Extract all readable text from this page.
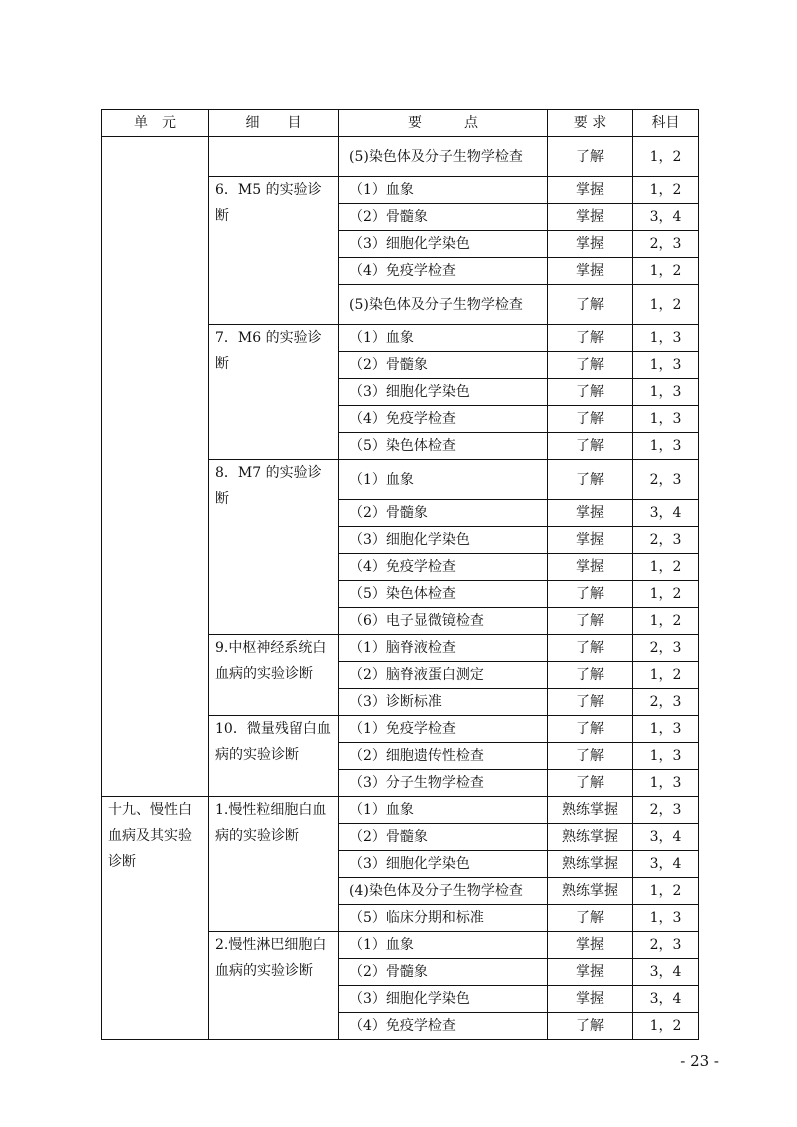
单　元	细　　目	要　　　点	要 求	科目
		(5)染色体及分子生物学检查	了解	1，2
	6．M5 的实验诊断	（1）血象	掌握	1，2
		（2）骨髓象	掌握	3，4
		（3）细胞化学染色	掌握	2，3
		（4）免疫学检查	掌握	1，2
		(5)染色体及分子生物学检查	了解	1，2
	7．M6 的实验诊断	（1）血象	了解	1，3
		（2）骨髓象	了解	1，3
		（3）细胞化学染色	了解	1，3
		（4）免疫学检查	了解	1，3
		（5）染色体检查	了解	1，3
	8．M7 的实验诊断	（1）血象	了解	2，3
		（2）骨髓象	掌握	3，4
		（3）细胞化学染色	掌握	2，3
		（4）免疫学检查	掌握	1，2
		（5）染色体检查	了解	1，2
		（6）电子显微镜检查	了解	1，2
	9.中枢神经系统白血病的实验诊断	（1）脑脊液检查	了解	2，3
		（2）脑脊液蛋白测定	了解	1，2
		（3）诊断标准	了解	2，3
	10．微量残留白血病的实验诊断	（1）免疫学检查	了解	1，3
		（2）细胞遗传性检查	了解	1，3
		（3）分子生物学检查	了解	1，3
十九、慢性白血病及其实验诊断	1.慢性粒细胞白血病的实验诊断	（1）血象	熟练掌握	2，3
		（2）骨髓象	熟练掌握	3，4
		（3）细胞化学染色	熟练掌握	3，4
		(4)染色体及分子生物学检查	熟练掌握	1，2
		（5）临床分期和标准	了解	1，3
	2.慢性淋巴细胞白血病的实验诊断	（1）血象	掌握	2，3
		（2）骨髓象	掌握	3，4
		（3）细胞化学染色	掌握	3，4
		（4）免疫学检查	了解	1，2
- 23 -
